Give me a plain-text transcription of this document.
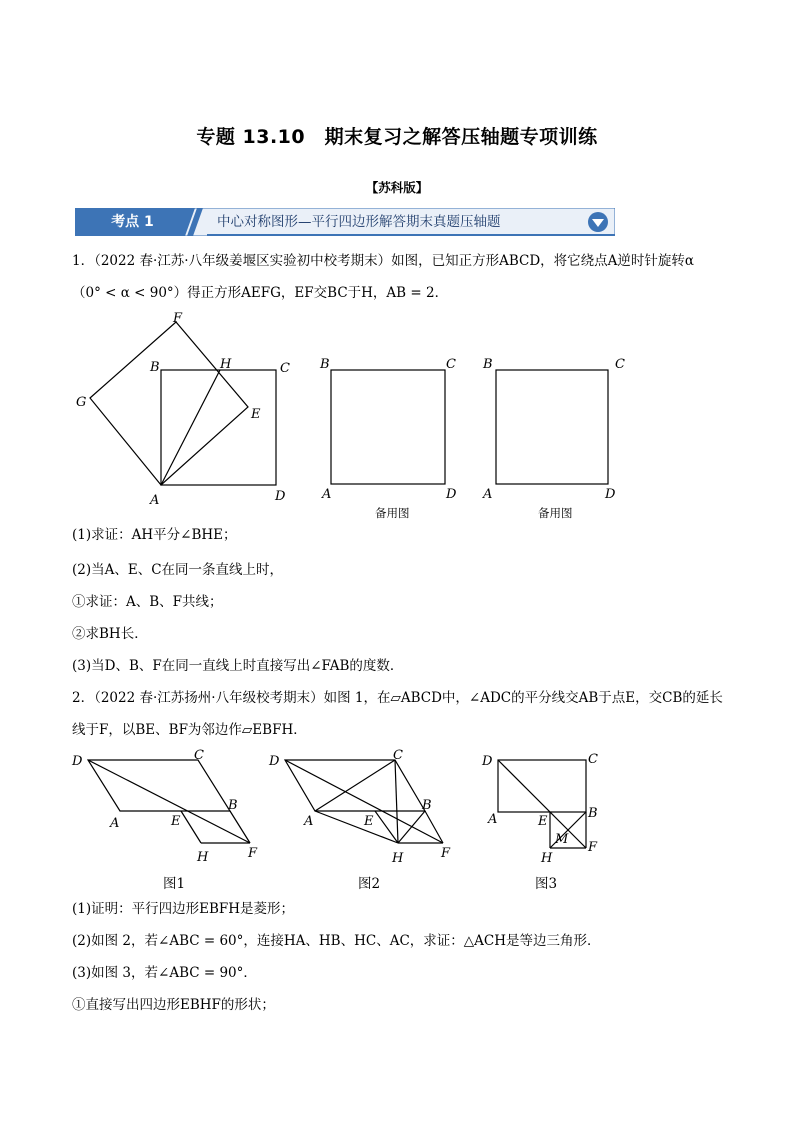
专题 13.10　期末复习之解答压轴题专项训练
【苏科版】
考点 1	中心对称图形—平行四边形解答期末真题压轴题
1．（2022 春·江苏·八年级姜堰区实验初中校考期末）如图，已知正方形ABCD，将它绕点A逆时针旋转α
（0° < α < 90°）得正方形AEFG，EF交BC于H，AB = 2．
A
B	C
D
E
F
G
H	B	C
A	D
备用图
B	C
A	D
备用图
(1)求证：AH平分∠BHE；
(2)当A、E、C在同一条直线上时，
①求证：A、B、F共线；
②求BH长．
(3)当D、B、F在同一直线上时直接写出∠FAB的度数．
2．（2022 春·江苏扬州·八年级校考期末）如图 1，在▱ABCD中，∠ADC的平分线交AB于点E，交CB的延长
线于F，以BE、BF为邻边作▱EBFH．
D	C
B
A	E
F
H
图1
D	C
B
A	E
F
H
图2
D	C
B
A	E
M
F
H
图3
(1)证明：平行四边形EBFH是菱形；
(2)如图 2，若∠ABC = 60°，连接HA、HB、HC、AC，求证：△ACH是等边三角形．
(3)如图 3，若∠ABC = 90°．
①直接写出四边形EBHF的形状；
